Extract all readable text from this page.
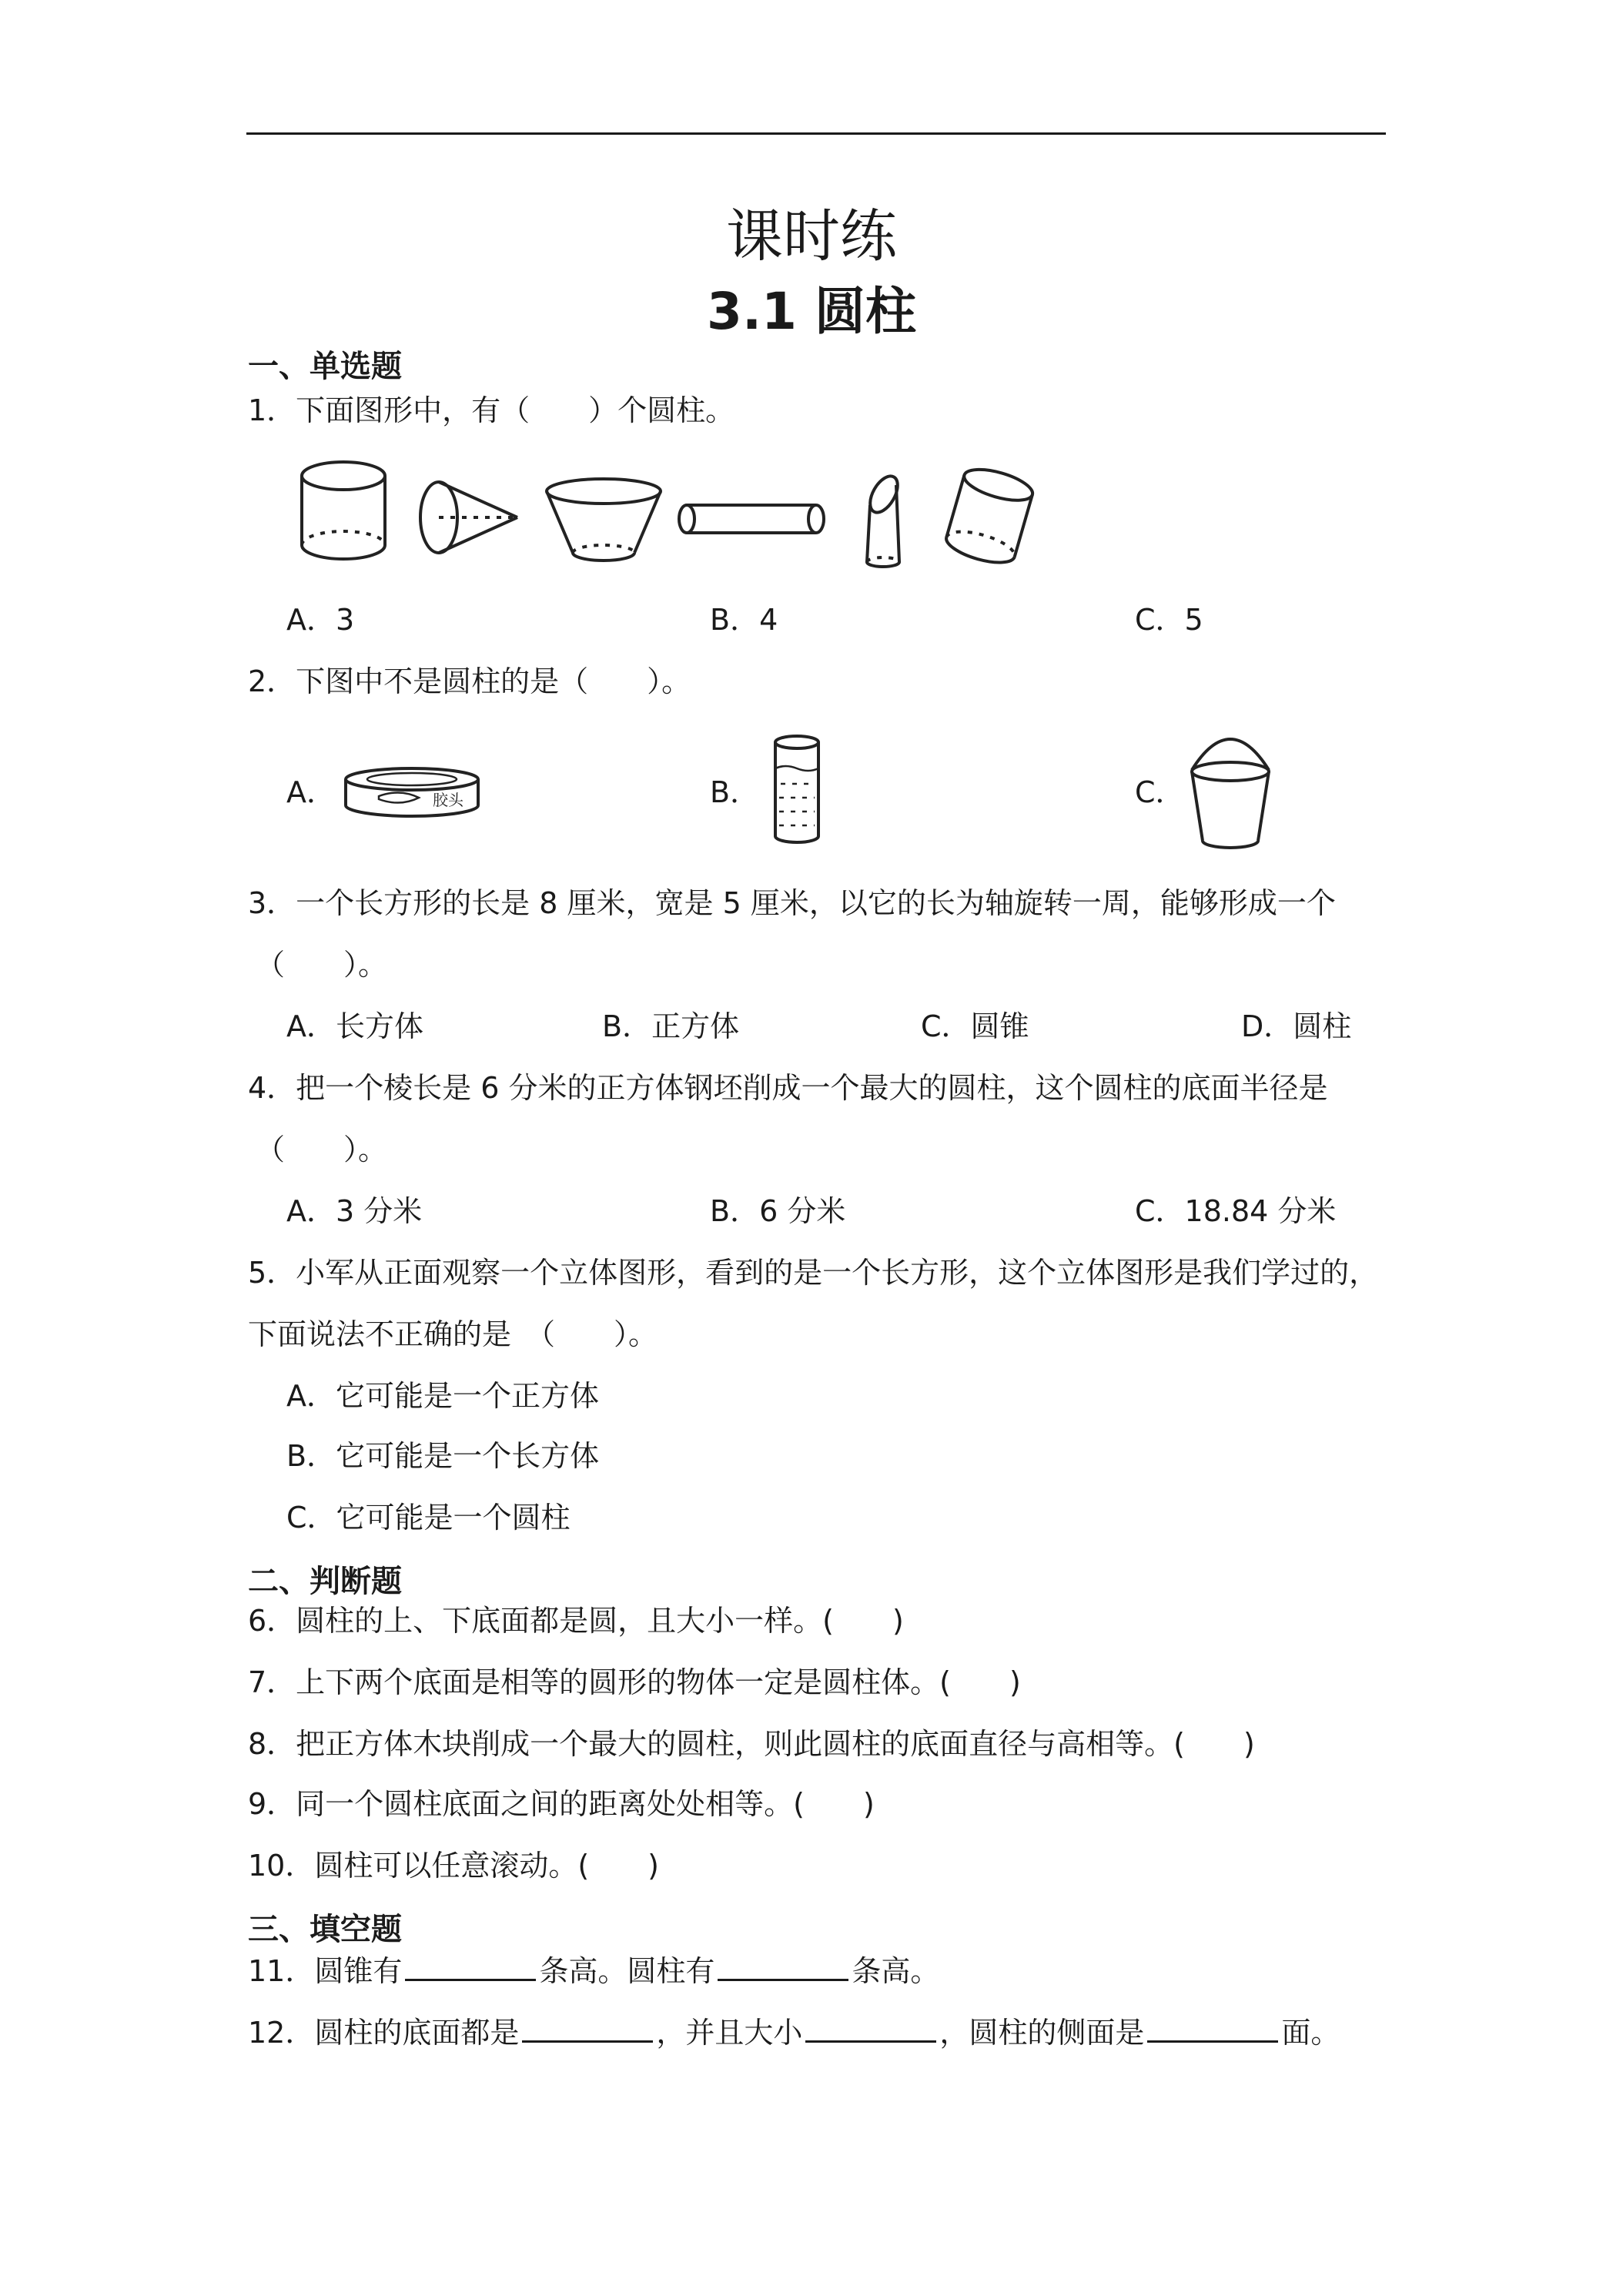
课时练
3.1 圆柱
一、单选题
1．下面图形中，有（　　）个圆柱。
A．3	B．4	C．5
2．下图中不是圆柱的是（　　）。
A．	胶头	B．	C．
3．一个长方形的长是 8 厘米，宽是 5 厘米，以它的长为轴旋转一周，能够形成一个
（　　）。
A．长方体	B．正方体	C．圆锥	D．圆柱
4．把一个棱长是 6 分米的正方体钢坯削成一个最大的圆柱，这个圆柱的底面半径是
（　　）。
A．3 分米	B．6 分米	C．18.84 分米
5．小军从正面观察一个立体图形，看到的是一个长方形，这个立体图形是我们学过的，
下面说法不正确的是　（　　）。
A．它可能是一个正方体
B．它可能是一个长方体
C．它可能是一个圆柱
二、判断题
6．圆柱的上、下底面都是圆，且大小一样。(　　)
7．上下两个底面是相等的圆形的物体一定是圆柱体。(　　)
8．把正方体木块削成一个最大的圆柱，则此圆柱的底面直径与高相等。(　　)
9．同一个圆柱底面之间的距离处处相等。(　　)
10．圆柱可以任意滚动。(　　)
三、填空题
11．圆锥有	条高。圆柱有	条高。
12．圆柱的底面都是	，并且大小	，圆柱的侧面是	面。
